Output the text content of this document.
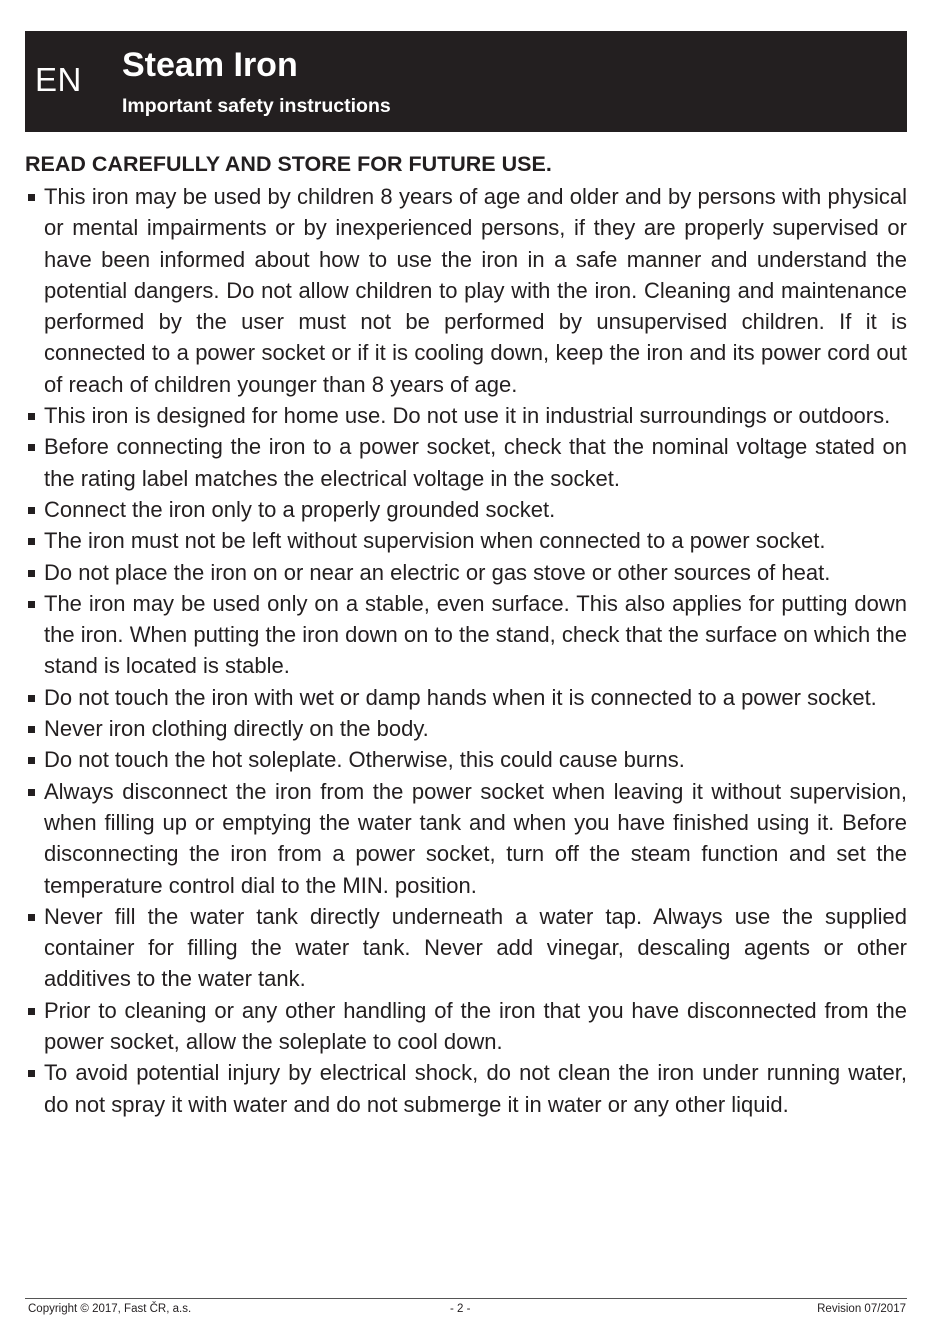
EN Steam Iron
Important safety instructions
READ CAREFULLY AND STORE FOR FUTURE USE.
This iron may be used by children 8 years of age and older and by persons with physical or mental impairments or by inexperienced persons, if they are properly supervised or have been informed about how to use the iron in a safe manner and understand the potential dangers. Do not allow children to play with the iron. Cleaning and maintenance performed by the user must not be performed by unsupervised children. If it is connected to a power socket or if it is cooling down, keep the iron and its power cord out of reach of children younger than 8 years of age.
This iron is designed for home use. Do not use it in industrial surroundings or outdoors.
Before connecting the iron to a power socket, check that the nominal voltage stated on the rating label matches the electrical voltage in the socket.
Connect the iron only to a properly grounded socket.
The iron must not be left without supervision when connected to a power socket.
Do not place the iron on or near an electric or gas stove or other sources of heat.
The iron may be used only on a stable, even surface. This also applies for putting down the iron. When putting the iron down on to the stand, check that the surface on which the stand is located is stable.
Do not touch the iron with wet or damp hands when it is connected to a power socket.
Never iron clothing directly on the body.
Do not touch the hot soleplate. Otherwise, this could cause burns.
Always disconnect the iron from the power socket when leaving it without supervision, when filling up or emptying the water tank and when you have finished using it. Before disconnecting the iron from a power socket, turn off the steam function and set the temperature control dial to the MIN. position.
Never fill the water tank directly underneath a water tap. Always use the supplied container for filling the water tank. Never add vinegar, descaling agents or other additives to the water tank.
Prior to cleaning or any other handling of the iron that you have disconnected from the power socket, allow the soleplate to cool down.
To avoid potential injury by electrical shock, do not clean the iron under running water, do not spray it with water and do not submerge it in water or any other liquid.
Copyright © 2017, Fast ČR, a.s.	- 2 -	Revision 07/2017
